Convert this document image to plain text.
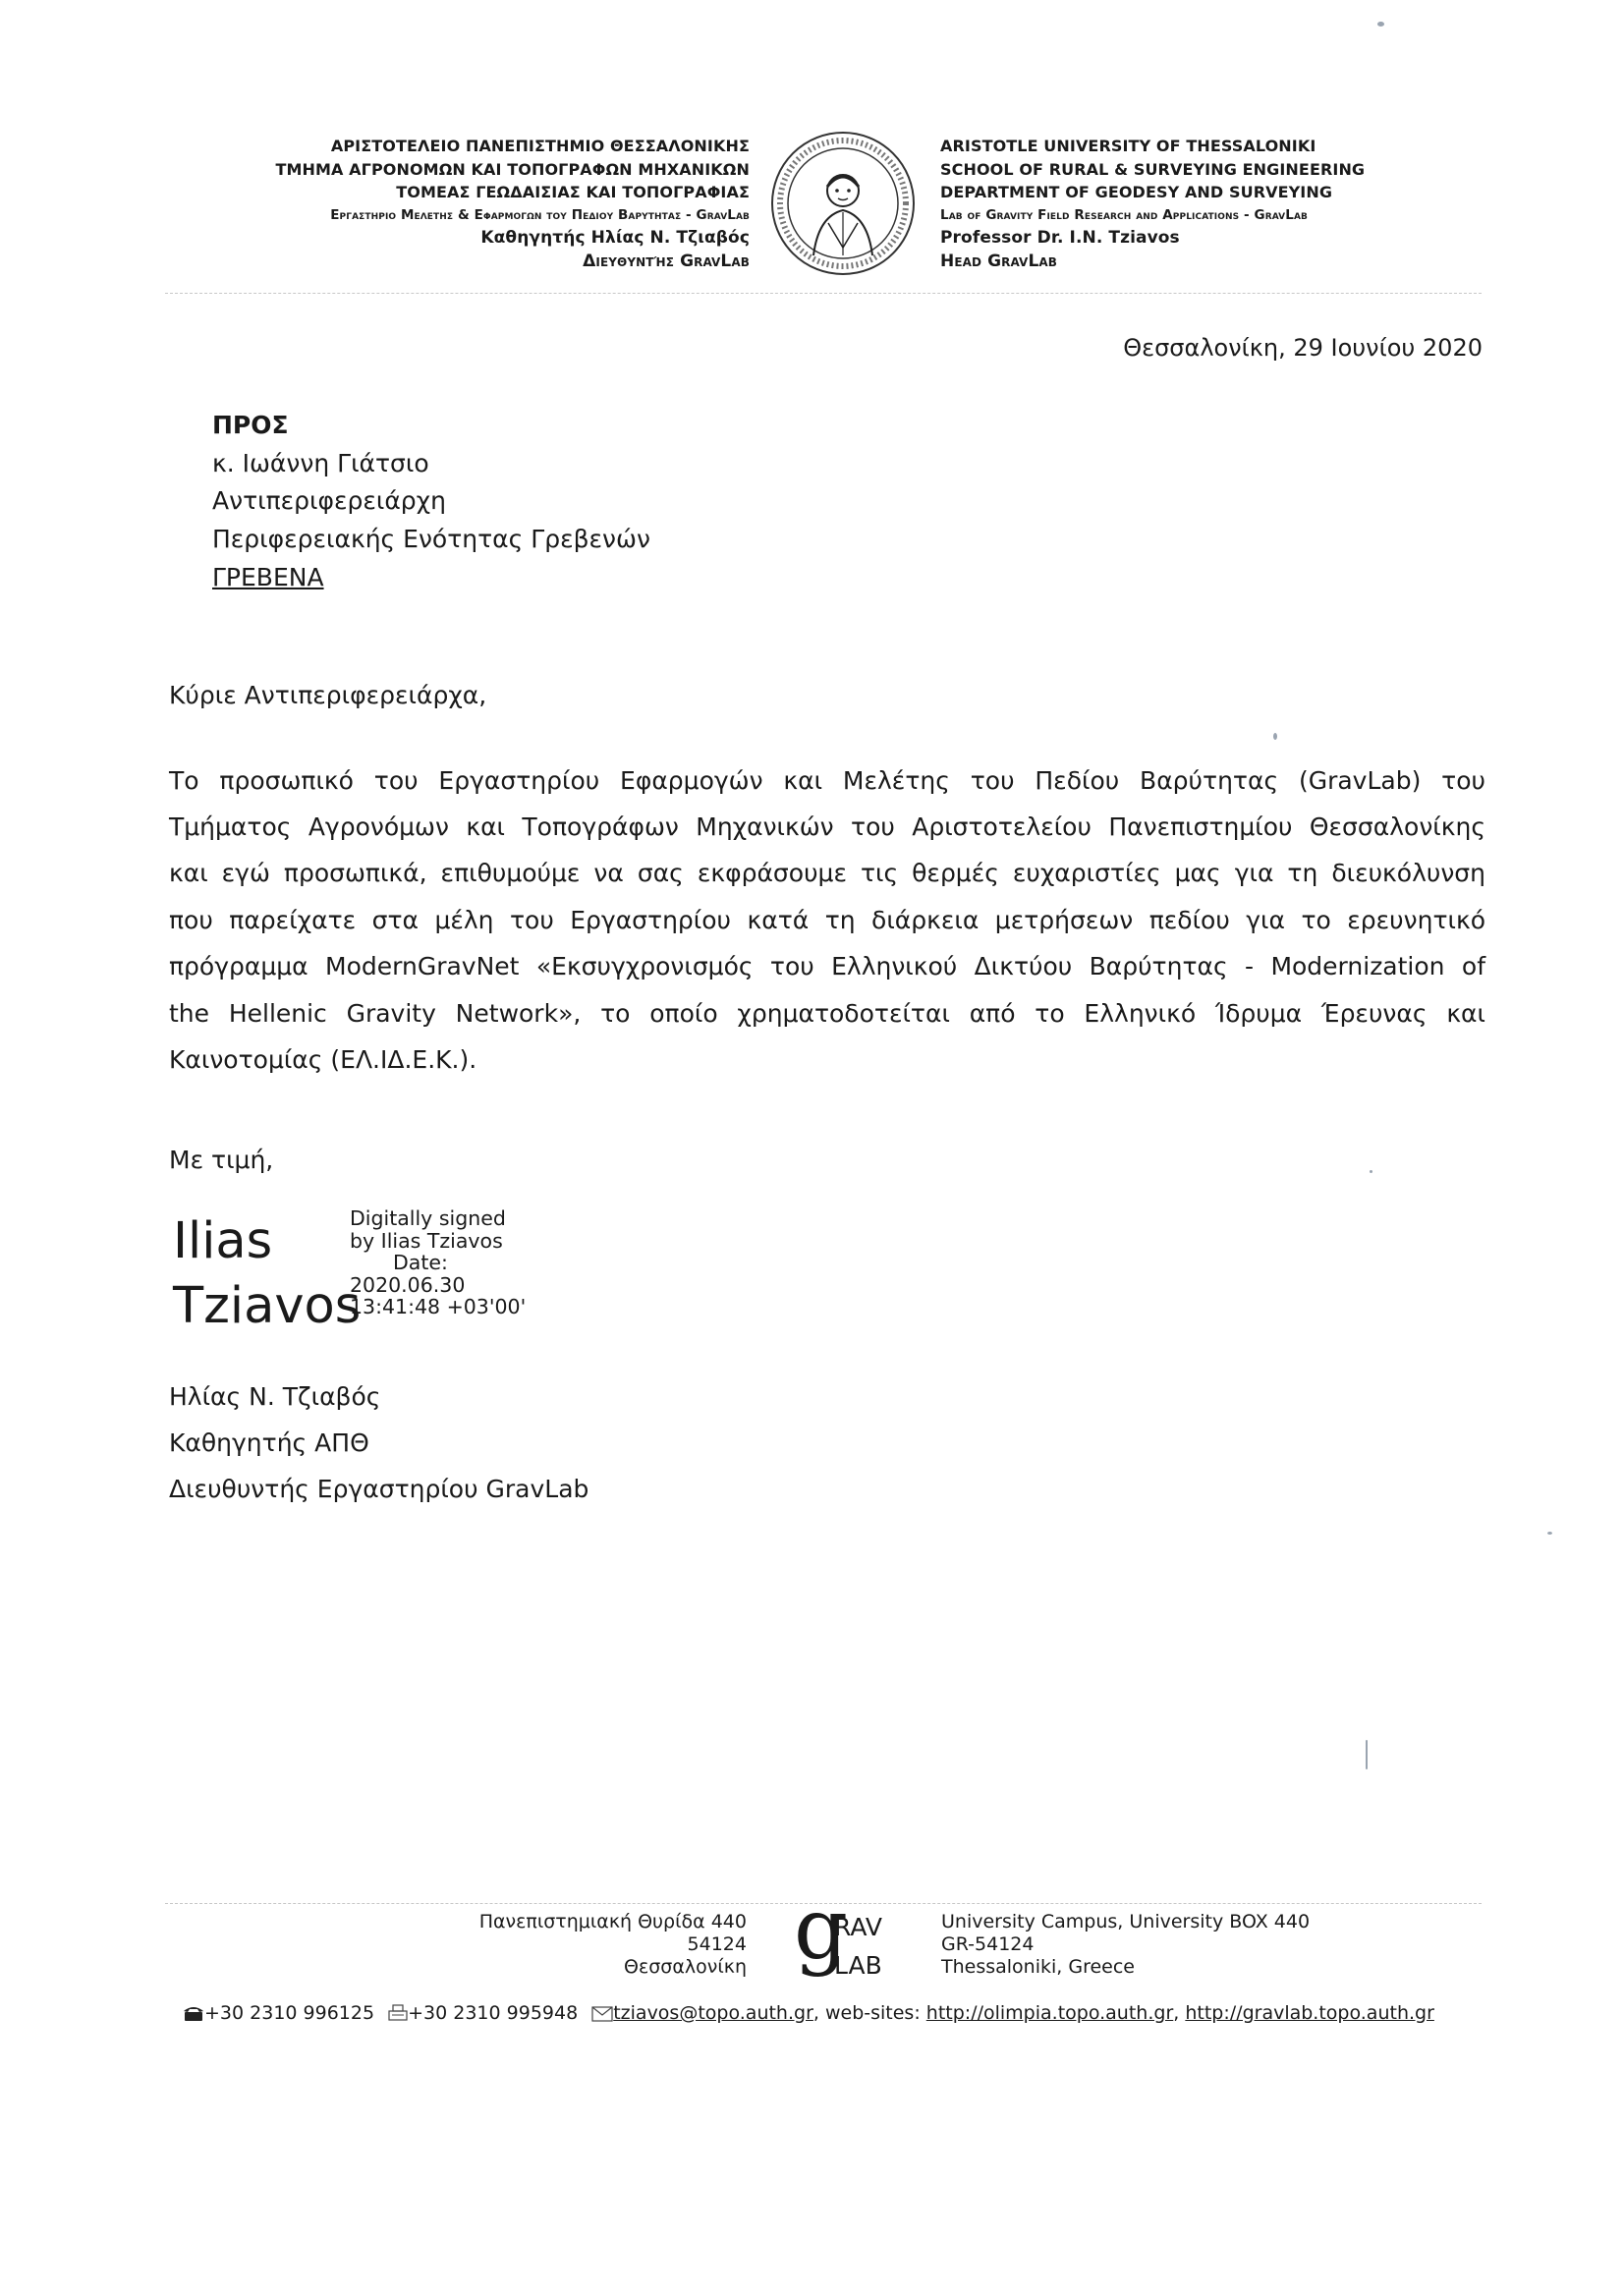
ΑΡΙΣΤΟΤΕΛΕΙΟ ΠΑΝΕΠΙΣΤΗΜΙΟ ΘΕΣΣΑΛΟΝΙΚΗΣ
ΤΜΗΜΑ ΑΓΡΟΝΟΜΩΝ ΚΑΙ ΤΟΠΟΓΡΑΦΩΝ ΜΗΧΑΝΙΚΩΝ
ΤΟΜΕΑΣ ΓΕΩΔΑΙΣΙΑΣ ΚΑΙ ΤΟΠΟΓΡΑΦΙΑΣ
Εργαστηριο Μελετης & Εφαρμογων του Πεδιου Βαρυτητας - GravLab
Καθηγητής Ηλίας Ν. Τζιαβός
Διευθυντής GravLab
ARISTOTLE UNIVERSITY OF THESSALONIKI
SCHOOL OF RURAL & SURVEYING ENGINEERING
DEPARTMENT OF GEODESY AND SURVEYING
Lab of Gravity Field Research and Applications - GravLab
Professor Dr. I.N. Tziavos
Head GravLab
Θεσσαλονίκη, 29 Ιουνίου 2020
ΠΡΟΣ
κ. Ιωάννη Γιάτσιο
Αντιπεριφερειάρχη
Περιφερειακής Ενότητας Γρεβενών
ΓΡΕΒΕΝΑ
Κύριε Αντιπεριφερειάρχα,
Το προσωπικό του Εργαστηρίου Εφαρμογών και Μελέτης του Πεδίου Βαρύτητας (GravLab) του
Τμήματος Αγρονόμων και Τοπογράφων Μηχανικών του Αριστοτελείου Πανεπιστημίου Θεσσαλονίκης
και εγώ προσωπικά, επιθυμούμε να σας εκφράσουμε τις θερμές ευχαριστίες μας για τη διευκόλυνση
που παρείχατε στα μέλη του Εργαστηρίου κατά τη διάρκεια μετρήσεων πεδίου για το ερευνητικό
πρόγραμμα ModernGravNet «Εκσυγχρονισμός του Ελληνικού Δικτύου Βαρύτητας - Modernization of
the Hellenic Gravity Network», το οποίο χρηματοδοτείται από το Ελληνικό Ίδρυμα Έρευνας και
Καινοτομίας (ΕΛ.ΙΔ.Ε.Κ.).
Με τιμή,
Ilias
Tziavos
Digitally signed
by Ilias Tziavos
Date:
2020.06.30
13:41:48 +03'00'
Ηλίας Ν. Τζιαβός
Καθηγητής ΑΠΘ
Διευθυντής Εργαστηρίου GravLab
Πανεπιστημιακή Θυρίδα 440
54124
Θεσσαλονίκη g
RAV
LAB
University Campus, University BOX 440
GR-54124
Thessaloniki, Greece
+30 2310 996125 +30 2310 995948 tziavos@topo.auth.gr, web-sites: http://olimpia.topo.auth.gr, http://gravlab.topo.auth.gr
